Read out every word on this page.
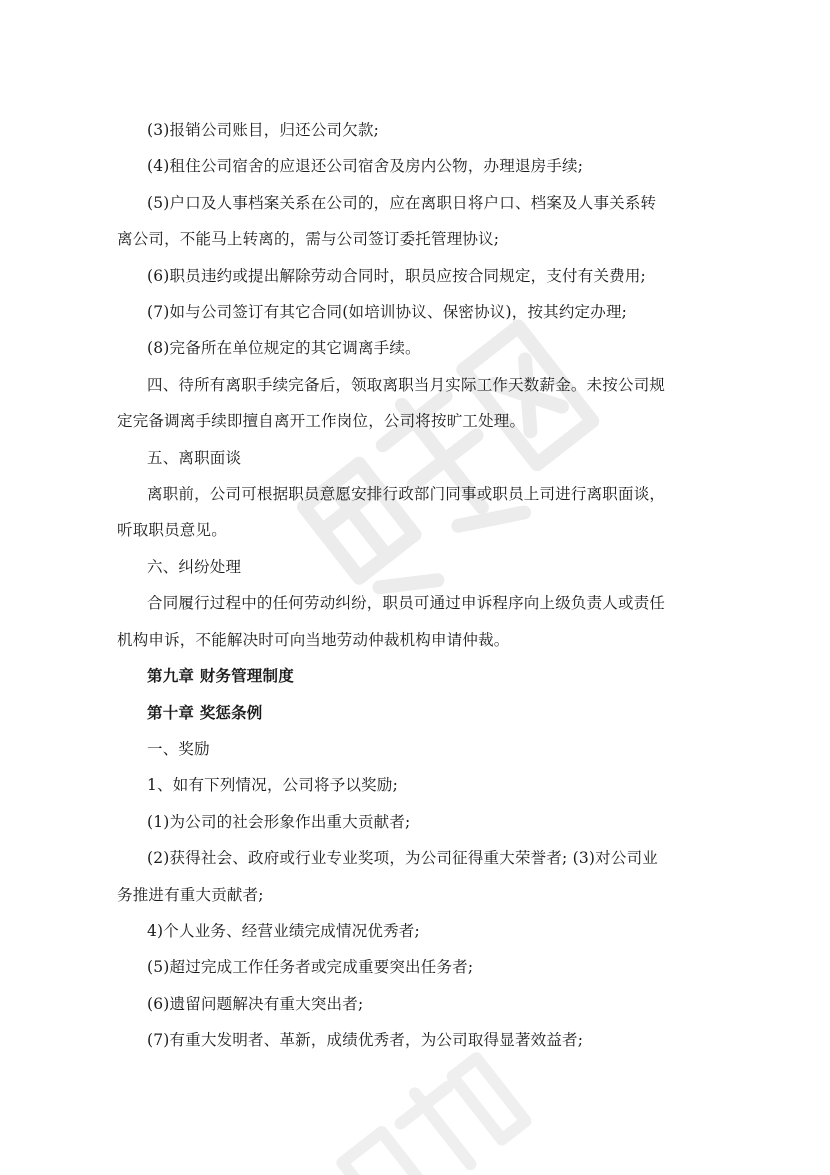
(3)报销公司账目，归还公司欠款;
(4)租住公司宿舍的应退还公司宿舍及房内公物，办理退房手续;
(5)户口及人事档案关系在公司的，应在离职日将户口、档案及人事关系转
离公司，不能马上转离的，需与公司签订委托管理协议;
(6)职员违约或提出解除劳动合同时，职员应按合同规定，支付有关费用;
(7)如与公司签订有其它合同(如培训协议、保密协议)，按其约定办理;
(8)完备所在单位规定的其它调离手续。
四、待所有离职手续完备后，领取离职当月实际工作天数薪金。未按公司规
定完备调离手续即擅自离开工作岗位，公司将按旷工处理。
五、离职面谈
离职前，公司可根据职员意愿安排行政部门同事或职员上司进行离职面谈，
听取职员意见。
六、纠纷处理
合同履行过程中的任何劳动纠纷，职员可通过申诉程序向上级负责人或责任
机构申诉，不能解决时可向当地劳动仲裁机构申请仲裁。
第九章 财务管理制度
第十章 奖惩条例
一、奖励
1、如有下列情况，公司将予以奖励;
(1)为公司的社会形象作出重大贡献者;
(2)获得社会、政府或行业专业奖项，为公司征得重大荣誉者; (3)对公司业
务推进有重大贡献者;
4)个人业务、经营业绩完成情况优秀者;
(5)超过完成工作任务者或完成重要突出任务者;
(6)遗留问题解决有重大突出者;
(7)有重大发明者、革新，成绩优秀者，为公司取得显著效益者;
